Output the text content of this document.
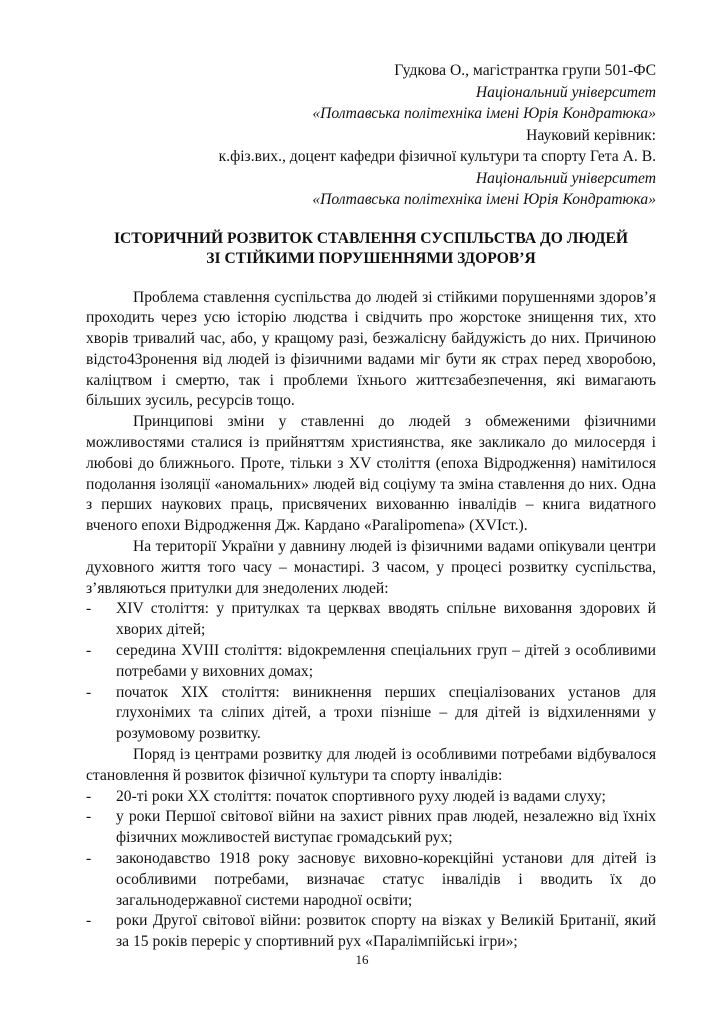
Гудкова О., магістрантка групи 501-ФС
Національний університет
«Полтавська політехніка імені Юрія Кондратюка»
Науковий керівник:
к.фіз.вих., доцент кафедри фізичної культури та спорту Гета А. В.
Національний університет
«Полтавська політехніка імені Юрія Кондратюка»
ІСТОРИЧНИЙ РОЗВИТОК СТАВЛЕННЯ СУСПІЛЬСТВА ДО ЛЮДЕЙ
ЗІ СТІЙКИМИ ПОРУШЕННЯМИ ЗДОРОВ’Я

Проблема ставлення суспільства до людей зі стійкими порушеннями здоров’я проходить через усю історію людства і свідчить про жорстоке знищення тих, хто хворів тривалий час, або, у кращому разі, безжалісну байдужість до них. Причиною відсто43ронення від людей із фізичними вадами міг бути як страх перед хворобою, каліцтвом і смертю, так і проблеми їхнього життєзабезпечення, які вимагають більших зусиль, ресурсів тощо.

Принципові зміни у ставленні до людей з обмеженими фізичними можливостями сталися із прийняттям християнства, яке закликало до милосердя і любові до ближнього. Проте, тільки з XV століття (епоха Відродження) намітилося подолання ізоляції «аномальних» людей від соціуму та зміна ставлення до них. Одна з перших наукових праць, присвячених вихованню інвалідів – книга видатного вченого епохи Відродження Дж. Кардано «Paralipomena» (XVIст.).

На території України у давнину людей із фізичними вадами опікували центри духовного життя того часу – монастирі. З часом, у процесі розвитку суспільства, з’являються притулки для знедолених людей:

- XIV століття: у притулках та церквах вводять спільне виховання здорових й хворих дітей;
- середина XVIII століття: відокремлення спеціальних груп – дітей з особливими потребами у виховних домах;
- початок XIX століття: виникнення перших спеціалізованих установ для глухонімих та сліпих дітей, а трохи пізніше – для дітей із відхиленнями у розумовому розвитку.

Поряд із центрами розвитку для людей із особливими потребами відбувалося становлення й розвиток фізичної культури та спорту інвалідів:

- 20-ті роки XX століття: початок спортивного руху людей із вадами слуху;
- у роки Першої світової війни на захист рівних прав людей, незалежно від їхніх фізичних можливостей виступає громадський рух;
- законодавство 1918 року засновує виховно-корекційні установи для дітей із особливими потребами, визначає статус інвалідів і вводить їх до загальнодержавної системи народної освіти;
- роки Другої світової війни: розвиток спорту на візках у Великій Британії, який за 15 років переріс у спортивний рух «Паралімпійські ігри»;
16
